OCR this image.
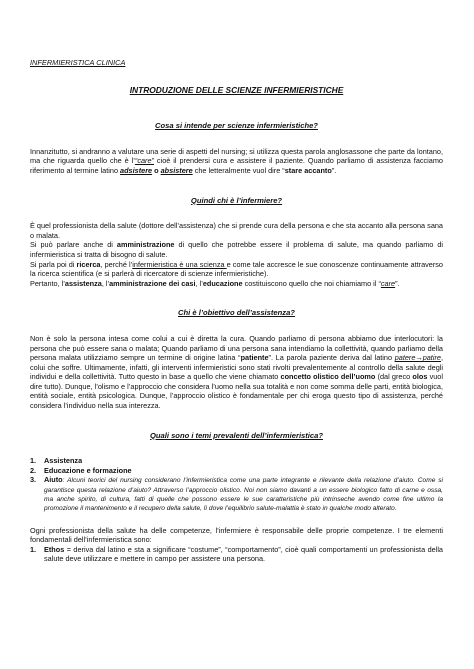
INFERMIERISTICA CLINICA

INTRODUZIONE DELLE SCIENZE INFERMIERISTICHE
Cosa si intende per scienze infermieristiche?

Innanzitutto, si andranno a valutare una serie di aspetti del nursing; si utilizza questa parola anglosassone che parte da lontano, ma che riguarda quello che è l’“care” cioè il prendersi cura e assistere il paziente. Quando parliamo di assistenza facciamo riferimento al termine latino adsistere o absistere che letteralmente vuol dire “stare accanto”.

Quindi chi è l’infermiere?

È quel professionista della salute (dottore dell’assistenza) che si prende cura della persona e che sta accanto alla persona sana o malata.
Si può parlare anche di amministrazione di quello che potrebbe essere il problema di salute, ma quando parliamo di infermieristica si tratta di bisogno di salute.
Si parla poi di ricerca, perché l’infermieristica è una scienza e come tale accresce le sue conoscenze continuamente attraverso la ricerca scientifica (e si parlerà di ricercatore di scienze infermieristiche).
Pertanto, l’assistenza, l’amministrazione dei casi, l’educazione costituiscono quello che noi chiamiamo il “care”.

Chi è l’obiettivo dell’assistenza?

Non è solo la persona intesa come colui a cui è diretta la cura. Quando parliamo di persona abbiamo due interlocutori: la persona che può essere sana o malata; Quando parliamo di una persona sana intendiamo la collettività, quando parliamo della persona malata utilizziamo sempre un termine di origine latina “patiente”. La parola paziente deriva dal latino patere→patire, colui che soffre. Ultimamente, infatti, gli interventi infermieristici sono stati rivolti prevalentemente al controllo della salute degli individui e della collettività. Tutto questo in base a quello che viene chiamato concetto olistico dell’uomo (dal greco olos vuol dire tutto). Dunque, l’olismo e l’approccio che considera l’uomo nella sua totalità e non come somma delle parti, entità biologica, entità sociale, entità psicologica. Dunque, l’approccio olistico è fondamentale per chi eroga questo tipo di assistenza, perché considera l’individuo nella sua interezza.

Quali sono i temi prevalenti dell’infermieristica?
1.	Assistenza
2.	Educazione e formazione
3.	Aiuto: Alcuni teorici del nursing considerano l’infermieristica come una parte integrante e rilevante della relazione d’aiuto. Come si garantisce questa relazione d’aiuto? Attraverso l’approccio olistico. Noi non siamo davanti a un essere biologico fatto di carne e ossa, ma anche spirito, di cultura, fatti di quelle che possono essere le sue caratteristiche più intrinseche avendo come fine ultimo la promozione il mantenimento e il recupero della salute, lì dove l’equilibrio salute-malattia è stato in qualche modo alterato.

Ogni professionista della salute ha delle competenze, l’infermiere è responsabile delle proprie competenze. I tre elementi fondamentali dell’infermieristica sono:

1.	Ethos = deriva dal latino e sta a significare “costume”, “comportamento”, cioè quali comportamenti un professionista della salute deve utilizzare e mettere in campo per assistere una persona.
